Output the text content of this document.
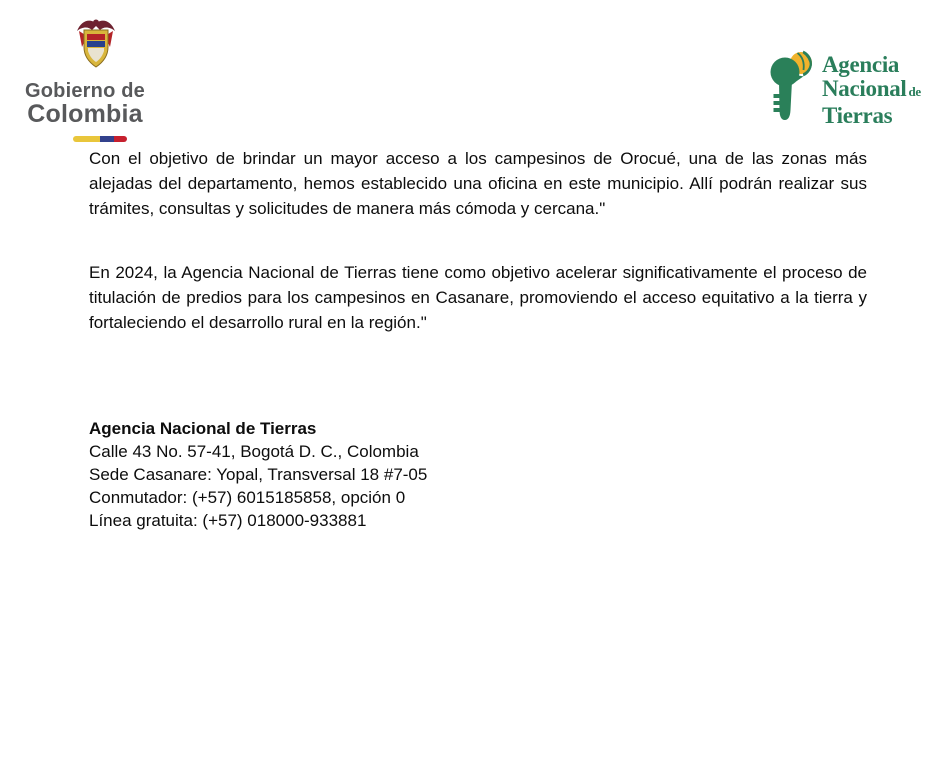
Gobierno de
Colombia
Agencia
Nacional de
Tierras

Con el objetivo de brindar un mayor acceso a los campesinos de Orocué, una de las zonas más alejadas del departamento, hemos establecido una oficina en este municipio. Allí podrán realizar sus trámites, consultas y solicitudes de manera más cómoda y cercana."

En 2024, la Agencia Nacional de Tierras tiene como objetivo acelerar significativamente el proceso de titulación de predios para los campesinos en Casanare, promoviendo el acceso equitativo a la tierra y fortaleciendo el desarrollo rural en la región."

Agencia Nacional de Tierras
Calle 43 No. 57-41, Bogotá D. C., Colombia
Sede Casanare: Yopal, Transversal 18 #7-05
Conmutador: (+57) 6015185858, opción 0
Línea gratuita: (+57) 018000-933881
